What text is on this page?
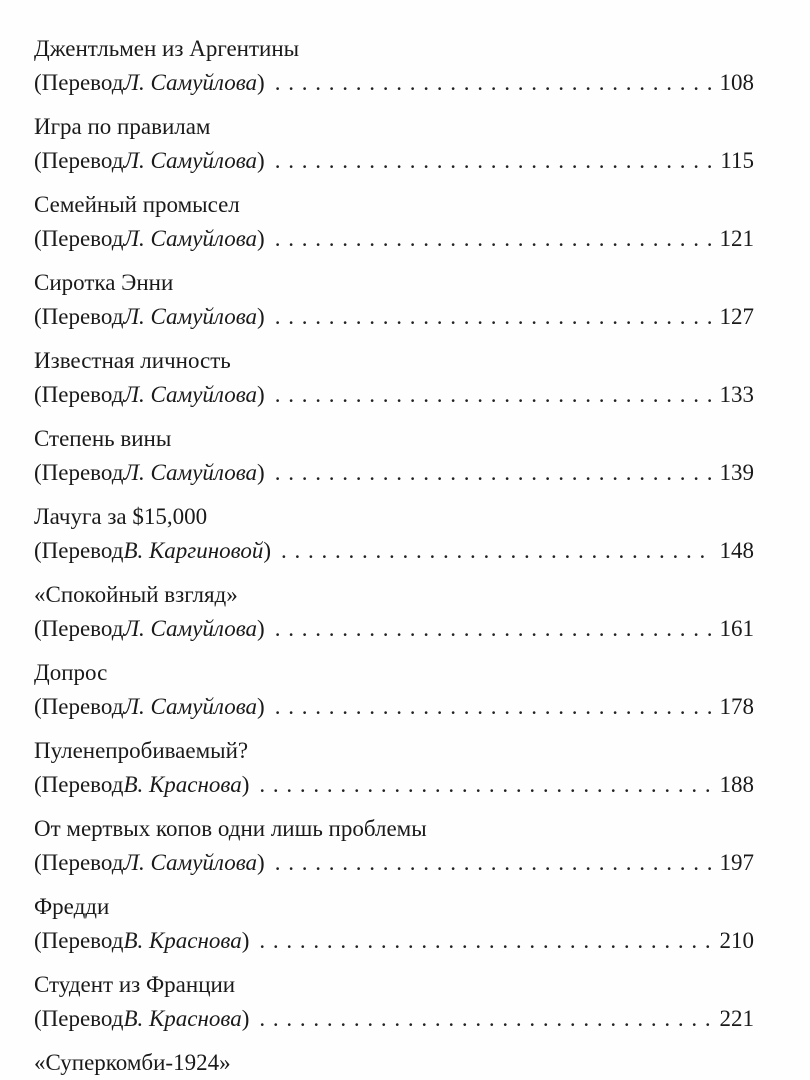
Джентльмен из Аргентины
(Перевод Л. Самуйлова ) . . .	108
Игра по правилам
(Перевод Л. Самуйлова ) . . .	115
Семейный промысел
(Перевод Л. Самуйлова ) . . .	121
Сиротка Энни
(Перевод Л. Самуйлова ) . . .	127
Известная личность
(Перевод Л. Самуйлова ) . . .	133
Степень вины
(Перевод Л. Самуйлова ) . . .	139
Лачуга за $15,000
(Перевод В. Каргиновой ) . . .	148
«Спокойный взгляд»
(Перевод Л. Самуйлова ) . . .	161
Допрос
(Перевод Л. Самуйлова ) . . .	178
Пуленепробиваемый?
(Перевод В. Краснова ) . . .	188
От мертвых копов одни лишь проблемы
(Перевод Л. Самуйлова ) . . .	197
Фредди
(Перевод В. Краснова ) . . .	210
Студент из Франции
(Перевод В. Краснова ) . . .	221
«Суперкомби-1924»
